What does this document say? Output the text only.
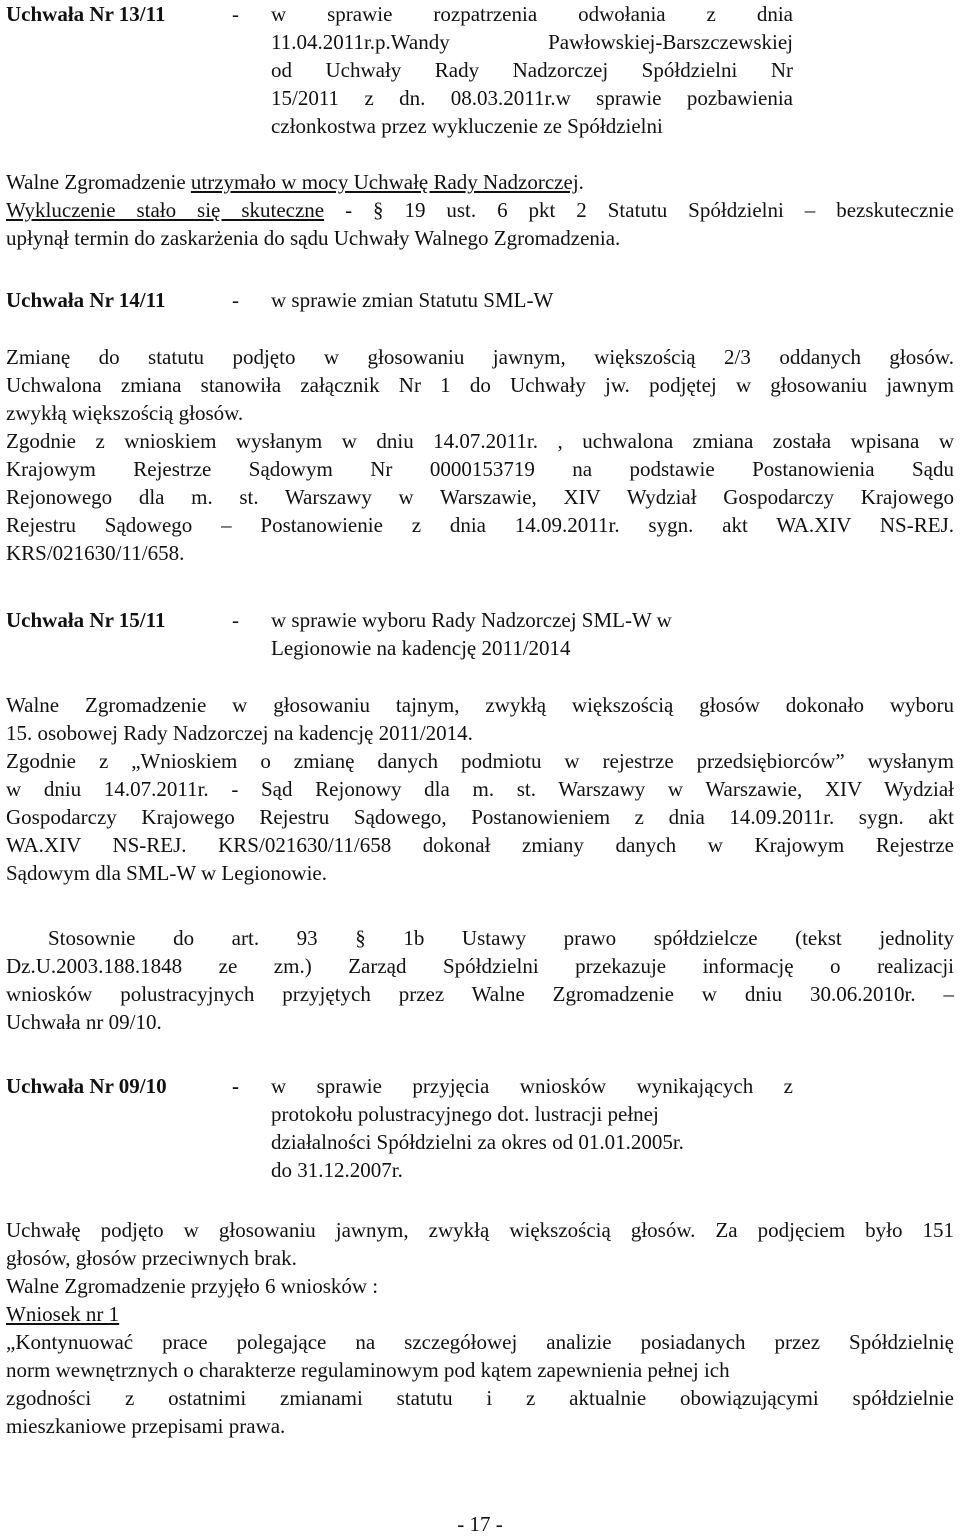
Uchwała Nr 13/11	- w sprawie rozpatrzenia odwołania z dnia
11.04.2011r.p.Wandy Pawłowskiej-Barszczewskiej
od Uchwały Rady Nadzorczej Spółdzielni Nr
15/2011 z dn. 08.03.2011r.w sprawie pozbawienia
członkostwa przez wykluczenie ze Spółdzielni
Walne Zgromadzenie utrzymało w mocy Uchwałę Rady Nadzorczej.
Wykluczenie stało się skuteczne - § 19 ust. 6 pkt 2 Statutu Spółdzielni – bezskutecznie
upłynął termin do zaskarżenia do sądu Uchwały Walnego Zgromadzenia.
Uchwała Nr 14/11	- w sprawie zmian Statutu SML-W
Zmianę do statutu podjęto w głosowaniu jawnym, większością 2/3 oddanych głosów.
Uchwalona zmiana stanowiła załącznik Nr 1 do Uchwały jw. podjętej w głosowaniu jawnym
zwykłą większością głosów.
Zgodnie z wnioskiem wysłanym w dniu 14.07.2011r. , uchwalona zmiana została wpisana w
Krajowym Rejestrze Sądowym Nr 0000153719 na podstawie Postanowienia Sądu
Rejonowego dla m. st. Warszawy w Warszawie, XIV Wydział Gospodarczy Krajowego
Rejestru Sądowego – Postanowienie z dnia 14.09.2011r. sygn. akt WA.XIV NS-REJ.
KRS/021630/11/658.
Uchwała Nr 15/11	- w sprawie wyboru Rady Nadzorczej SML-W w
Legionowie na kadencję 2011/2014
Walne Zgromadzenie w głosowaniu tajnym, zwykłą większością głosów dokonało wyboru
15. osobowej Rady Nadzorczej na kadencję 2011/2014.
Zgodnie z „Wnioskiem o zmianę danych podmiotu w rejestrze przedsiębiorców” wysłanym
w dniu 14.07.2011r. - Sąd Rejonowy dla m. st. Warszawy w Warszawie, XIV Wydział
Gospodarczy Krajowego Rejestru Sądowego, Postanowieniem z dnia 14.09.2011r. sygn. akt
WA.XIV NS-REJ. KRS/021630/11/658 dokonał zmiany danych w Krajowym Rejestrze
Sądowym dla SML-W w Legionowie.
Stosownie do art. 93 § 1b Ustawy prawo spółdzielcze (tekst jednolity
Dz.U.2003.188.1848 ze zm.) Zarząd Spółdzielni przekazuje informację o realizacji
wniosków polustracyjnych przyjętych przez Walne Zgromadzenie w dniu 30.06.2010r. –
Uchwała nr 09/10.
Uchwała Nr 09/10	- w sprawie przyjęcia wniosków wynikających z
protokołu polustracyjnego dot. lustracji pełnej
działalności Spółdzielni za okres od 01.01.2005r.
do 31.12.2007r.
Uchwałę podjęto w głosowaniu jawnym, zwykłą większością głosów. Za podjęciem było 151
głosów, głosów przeciwnych brak.
Walne Zgromadzenie przyjęło 6 wniosków :
Wniosek nr 1
„Kontynuować prace polegające na szczegółowej analizie posiadanych przez Spółdzielnię
norm wewnętrznych o charakterze regulaminowym pod kątem zapewnienia pełnej ich
zgodności z ostatnimi zmianami statutu i z aktualnie obowiązującymi spółdzielnie
mieszkaniowe przepisami prawa.
- 17 -
